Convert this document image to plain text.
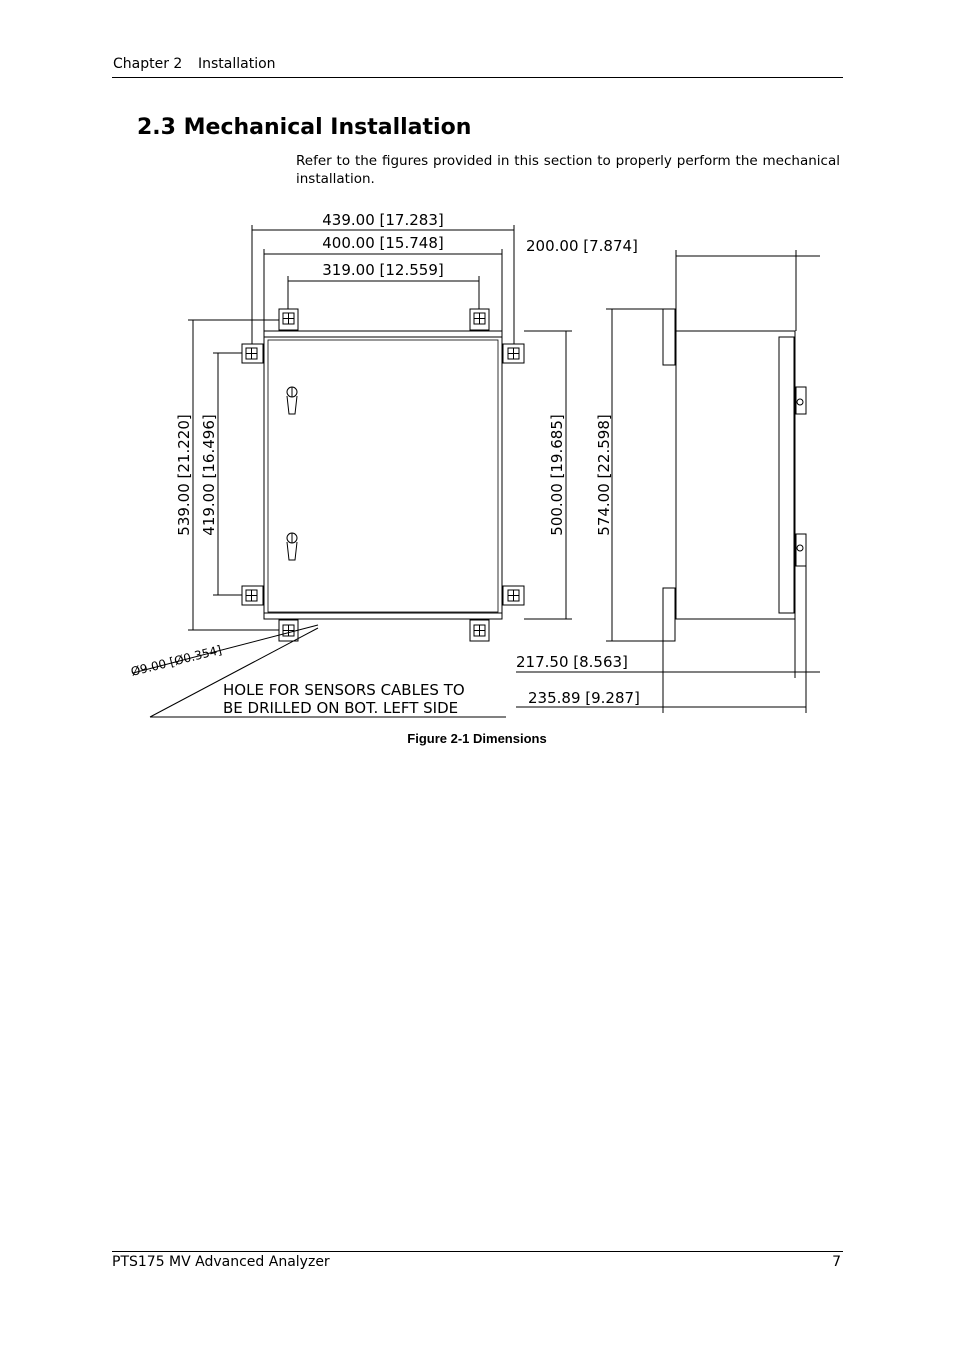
Chapter 2 Installation
2.3 Mechanical Installation
Refer to the figures provided in this section to properly perform the mechanical installation.
439.00 [17.283]
400.00 [15.748]
319.00 [12.559]
200.00 [7.874]
539.00 [21.220] 419.00 [16.496]	500.00 [19.685] 574.00 [22.598]
217.50 [8.563]
235.89 [9.287]
Ø9.00 [Ø0.354]
HOLE FOR SENSORS CABLES TO
BE DRILLED ON BOT. LEFT SIDE
Figure 2-1 Dimensions
PTS175 MV Advanced Analyzer	7
